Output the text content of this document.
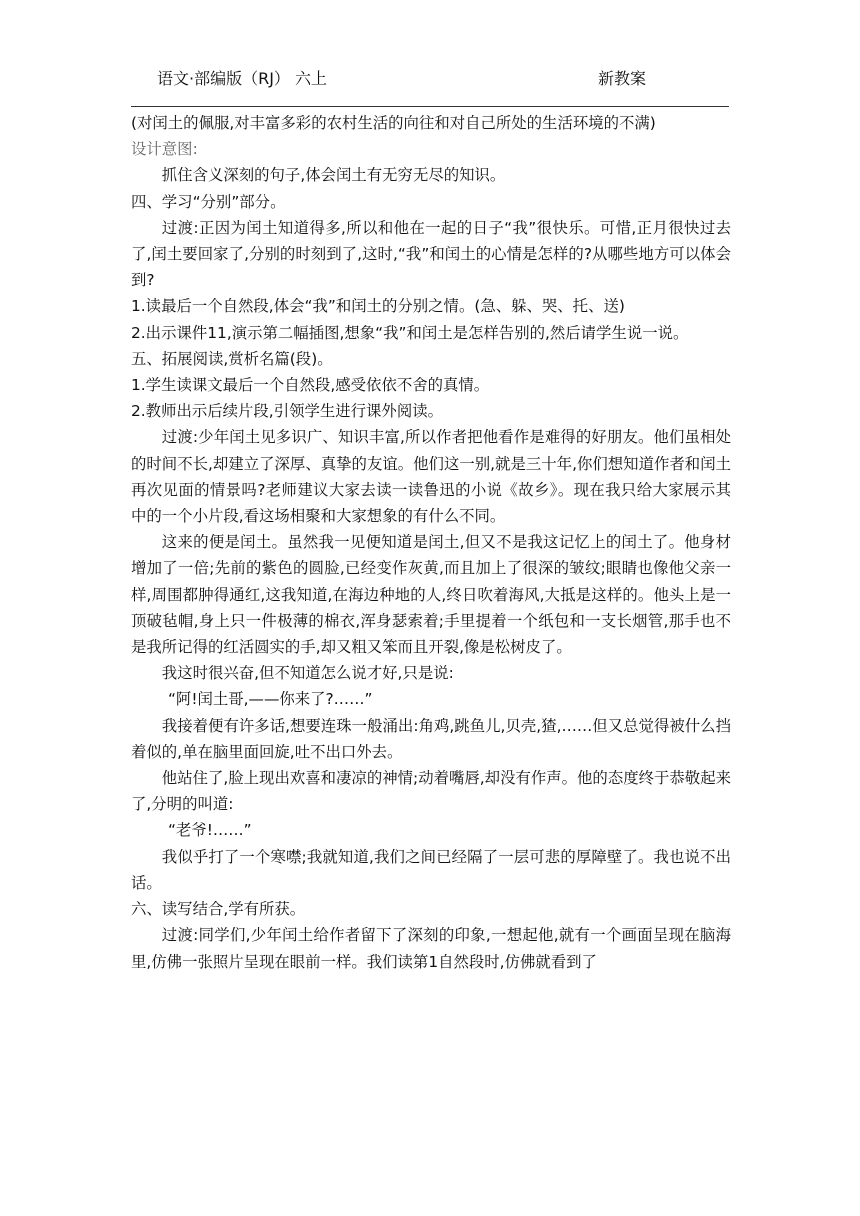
语文·部编版（RJ） 六上	新教案

(对闰土的佩服,对丰富多彩的农村生活的向往和对自己所处的生活环境的不满)

设计意图:

抓住含义深刻的句子,体会闰土有无穷无尽的知识。

四、学习“分别”部分。

过渡:正因为闰土知道得多,所以和他在一起的日子“我”很快乐。可惜,正月很快过去了,闰土要回家了,分别的时刻到了,这时,“我”和闰土的心情是怎样的?从哪些地方可以体会到?

1.读最后一个自然段,体会“我”和闰土的分别之情。(急、躲、哭、托、送)

2.出示课件11,演示第二幅插图,想象“我”和闰土是怎样告别的,然后请学生说一说。

五、拓展阅读,赏析名篇(段)。

1.学生读课文最后一个自然段,感受依依不舍的真情。

2.教师出示后续片段,引领学生进行课外阅读。

过渡:少年闰土见多识广、知识丰富,所以作者把他看作是难得的好朋友。他们虽相处的时间不长,却建立了深厚、真挚的友谊。他们这一别,就是三十年,你们想知道作者和闰土再次见面的情景吗?老师建议大家去读一读鲁迅的小说《故乡》。现在我只给大家展示其中的一个小片段,看这场相聚和大家想象的有什么不同。

这来的便是闰土。虽然我一见便知道是闰土,但又不是我这记忆上的闰土了。他身材增加了一倍;先前的紫色的圆脸,已经变作灰黄,而且加上了很深的皱纹;眼睛也像他父亲一样,周围都肿得通红,这我知道,在海边种地的人,终日吹着海风,大抵是这样的。他头上是一顶破毡帽,身上只一件极薄的棉衣,浑身瑟索着;手里提着一个纸包和一支长烟管,那手也不是我所记得的红活圆实的手,却又粗又笨而且开裂,像是松树皮了。

我这时很兴奋,但不知道怎么说才好,只是说:

“阿!闰土哥,——你来了?……”

我接着便有许多话,想要连珠一般涌出:角鸡,跳鱼儿,贝壳,猹,……但又总觉得被什么挡着似的,单在脑里面回旋,吐不出口外去。

他站住了,脸上现出欢喜和凄凉的神情;动着嘴唇,却没有作声。他的态度终于恭敬起来了,分明的叫道:

“老爷!……”

我似乎打了一个寒噤;我就知道,我们之间已经隔了一层可悲的厚障壁了。我也说不出话。

六、读写结合,学有所获。

过渡:同学们,少年闰土给作者留下了深刻的印象,一想起他,就有一个画面呈现在脑海里,仿佛一张照片呈现在眼前一样。我们读第1自然段时,仿佛就看到了
